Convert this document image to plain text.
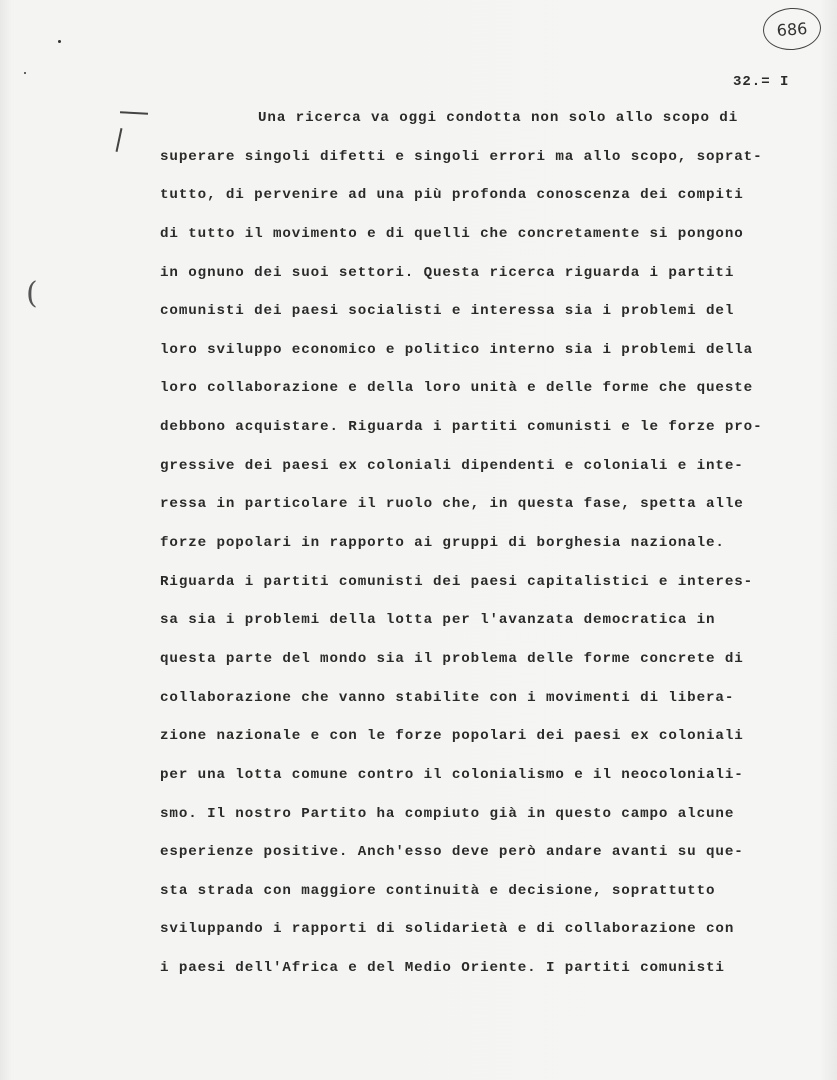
686
(
32.= I
Una ricerca va oggi condotta non solo allo scopo di
superare singoli difetti e singoli errori ma allo scopo, soprat-
tutto, di pervenire ad una più profonda conoscenza dei compiti
di tutto il movimento e di quelli che concretamente si pongono
in ognuno dei suoi settori. Questa ricerca riguarda i partiti
comunisti dei paesi socialisti e interessa sia i problemi del
loro sviluppo economico e politico interno sia i problemi della
loro collaborazione e della loro unità e delle forme che queste
debbono acquistare. Riguarda i partiti comunisti e le forze pro-
gressive dei paesi ex coloniali dipendenti e coloniali e inte-
ressa in particolare il ruolo che, in questa fase, spetta alle
forze popolari in rapporto ai gruppi di borghesia nazionale.
Riguarda i partiti comunisti dei paesi capitalistici e interes-
sa sia i problemi della lotta per l'avanzata democratica in
questa parte del mondo sia il problema delle forme concrete di
collaborazione che vanno stabilite con i movimenti di libera-
zione nazionale e con le forze popolari dei paesi ex coloniali
per una lotta comune contro il colonialismo e il neocoloniali-
smo. Il nostro Partito ha compiuto già in questo campo alcune
esperienze positive. Anch'esso deve però andare avanti su que-
sta strada con maggiore continuità e decisione, soprattutto
sviluppando i rapporti di solidarietà e di collaborazione con
i paesi dell'Africa e del Medio Oriente. I partiti comunisti
